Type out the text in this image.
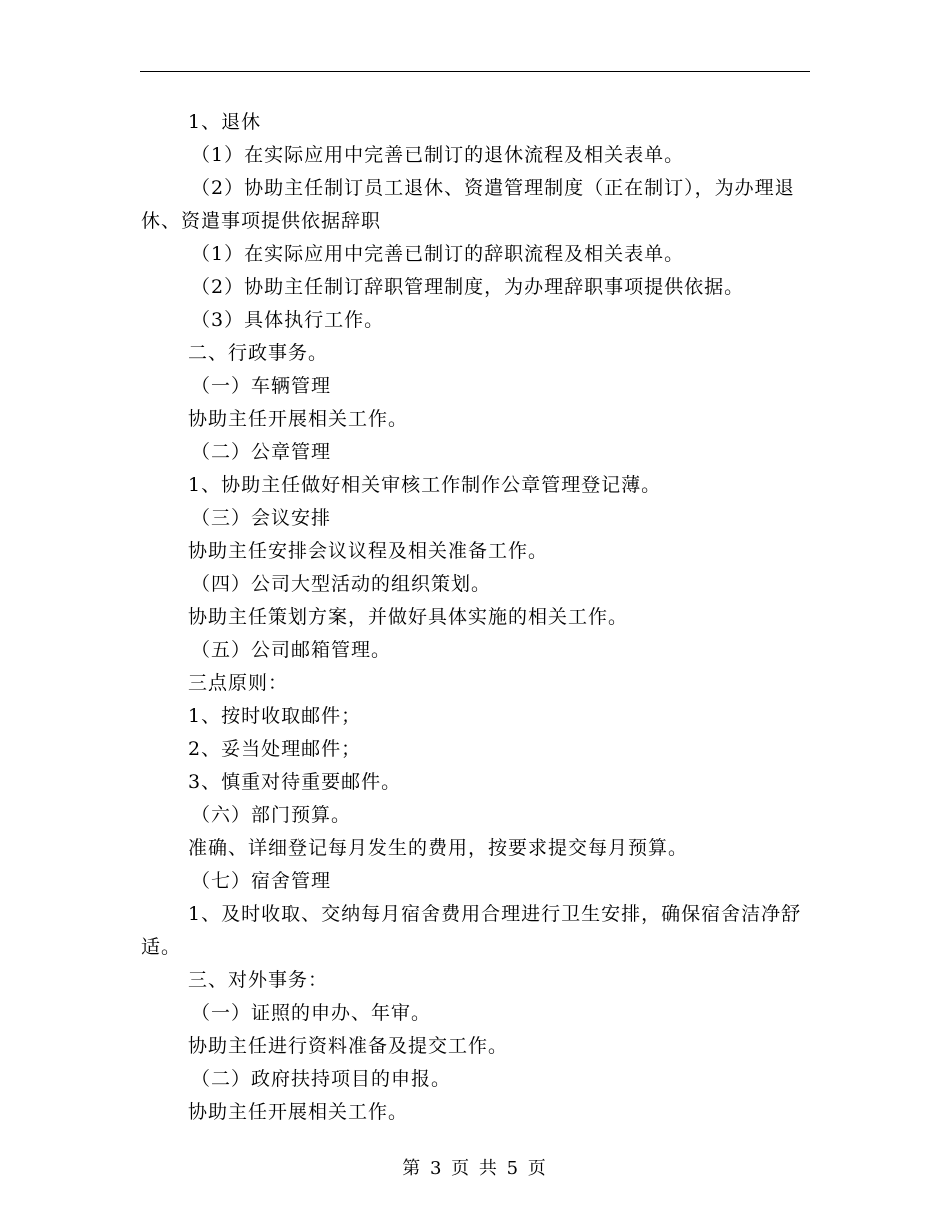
1、退休
（1）在实际应用中完善已制订的退休流程及相关表单。
（2）协助主任制订员工退休、资遣管理制度（正在制订），为办理退休、资遣事项提供依据辞职
（1）在实际应用中完善已制订的辞职流程及相关表单。
（2）协助主任制订辞职管理制度，为办理辞职事项提供依据。
（3）具体执行工作。
二、行政事务。
（一）车辆管理
协助主任开展相关工作。
（二）公章管理
1、协助主任做好相关审核工作制作公章管理登记薄。
（三）会议安排
协助主任安排会议议程及相关准备工作。
（四）公司大型活动的组织策划。
协助主任策划方案，并做好具体实施的相关工作。
（五）公司邮箱管理。
三点原则：
1、按时收取邮件；
2、妥当处理邮件；
3、慎重对待重要邮件。
（六）部门预算。
准确、详细登记每月发生的费用，按要求提交每月预算。
（七）宿舍管理
1、及时收取、交纳每月宿舍费用合理进行卫生安排，确保宿舍洁净舒适。
三、对外事务：
（一）证照的申办、年审。
协助主任进行资料准备及提交工作。
（二）政府扶持项目的申报。
协助主任开展相关工作。
第 3 页 共 5 页
